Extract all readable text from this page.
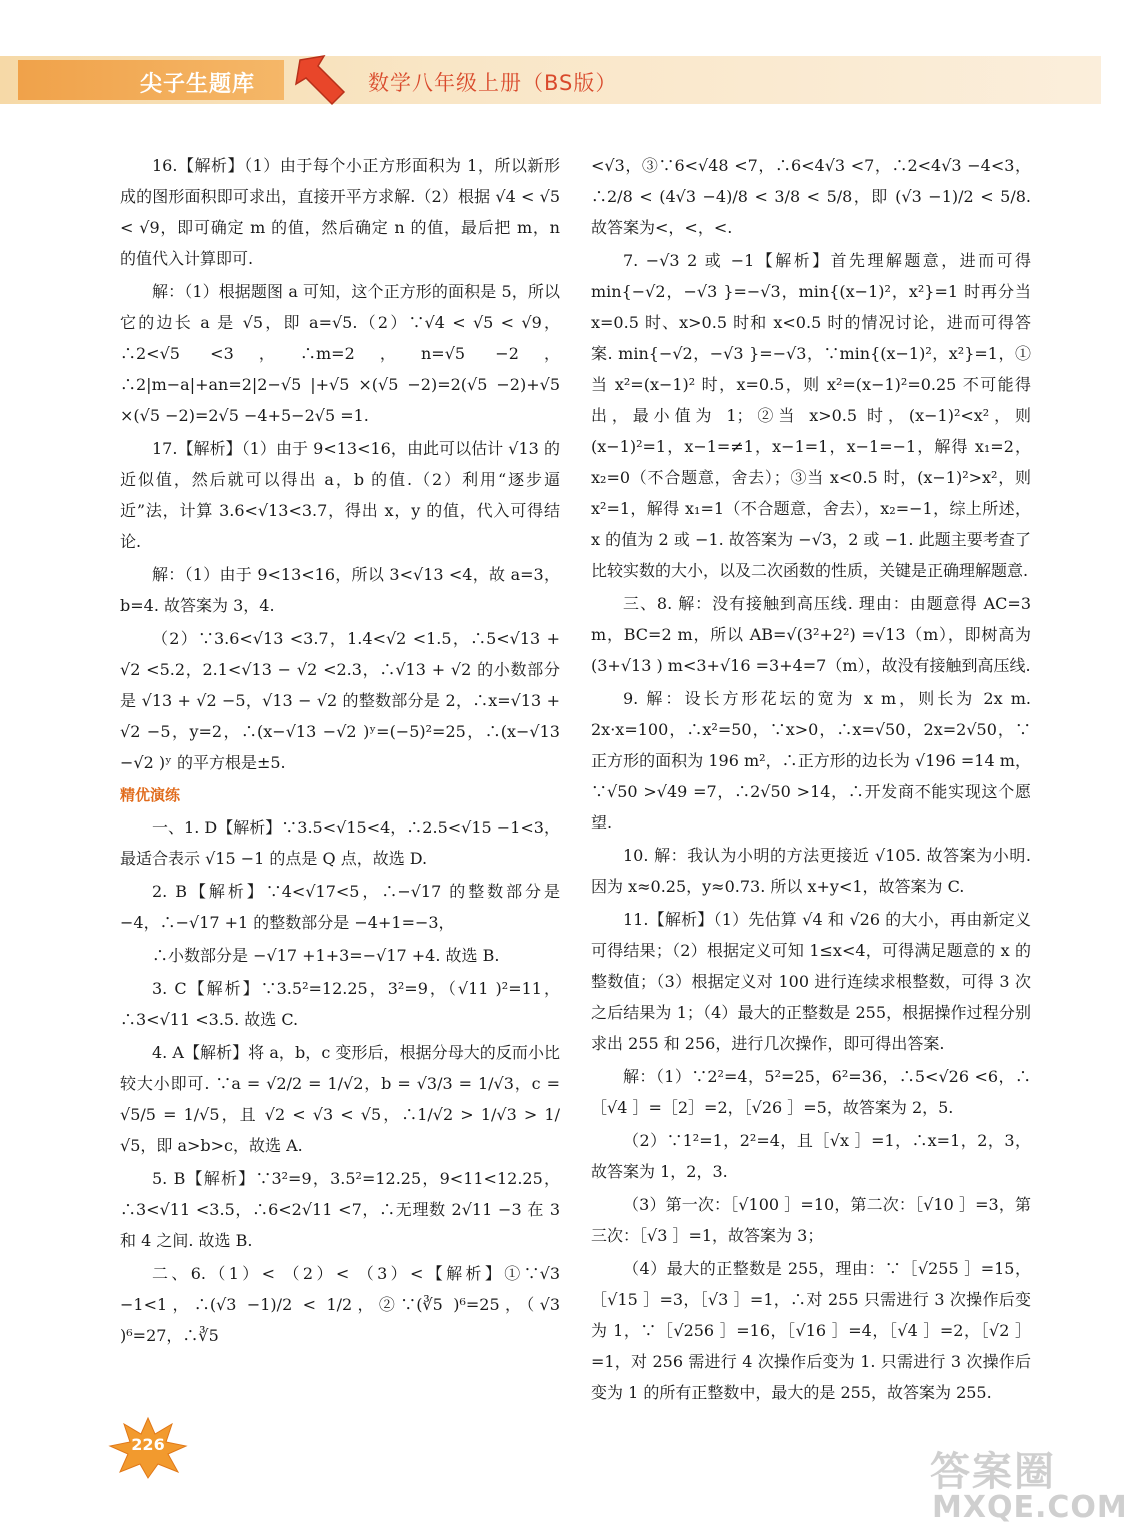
尖子生题库	数学八年级上册（BS版）

16.【解析】（1）由于每个小正方形面积为 1，所以新形成的图形面积即可求出，直接开平方求解.（2）根据 √4 < √5 < √9，即可确定 m 的值，然后确定 n 的值，最后把 m，n 的值代入计算即可.

解：（1）根据题图 a 可知，这个正方形的面积是 5，所以它的边长 a 是 √5，即 a=√5.（2）∵√4 < √5 < √9，∴2<√5 <3，∴m=2，n=√5 −2，∴2|m−a|+an=2|2−√5 |+√5 ×(√5 −2)=2(√5 −2)+√5 ×(√5 −2)=2√5 −4+5−2√5 =1.

17.【解析】（1）由于 9<13<16，由此可以估计 √13 的近似值，然后就可以得出 a，b 的值.（2）利用“逐步逼近”法，计算 3.6<√13<3.7，得出 x，y 的值，代入可得结论.

解：（1）由于 9<13<16，所以 3<√13 <4，故 a=3，b=4. 故答案为 3，4.

（2）∵3.6<√13 <3.7，1.4<√2 <1.5，∴5<√13 + √2 <5.2，2.1<√13 − √2 <2.3，∴√13 + √2 的小数部分是 √13 + √2 −5，√13 − √2 的整数部分是 2，∴x=√13 + √2 −5，y=2，∴(x−√13 −√2 )ʸ=(−5)²=25，∴(x−√13 −√2 )ʸ 的平方根是±5.

精优演练

一、1. D【解析】∵3.5<√15<4，∴2.5<√15 −1<3，最适合表示 √15 −1 的点是 Q 点，故选 D.

2. B【解析】∵4<√17<5，∴−√17 的整数部分是 −4，∴−√17 +1 的整数部分是 −4+1=−3，

∴小数部分是 −√17 +1+3=−√17 +4. 故选 B.

3. C【解析】∵3.5²=12.25，3²=9，（√11 )²=11，∴3<√11 <3.5. 故选 C.

4. A【解析】将 a，b，c 变形后，根据分母大的反而小比较大小即可. ∵a = √2/2 = 1/√2，b = √3/3 = 1/√3，c = √5/5 = 1/√5，且 √2 < √3 < √5，∴1/√2 > 1/√3 > 1/√5，即 a>b>c，故选 A.

5. B【解析】∵3²=9，3.5²=12.25，9<11<12.25，∴3<√11 <3.5，∴6<2√11 <7，∴无理数 2√11 −3 在 3 和 4 之间. 故选 B.

二、6.（1）< （2）< （3）<【解析】①∵√3 −1<1，∴(√3 −1)/2 < 1/2，②∵(∛5 )⁶=25，（√3 )⁶=27，∴∛5

<√3，③∵6<√48 <7，∴6<4√3 <7，∴2<4√3 −4<3，∴2/8 < (4√3 −4)/8 < 3/8 < 5/8，即 (√3 −1)/2 < 5/8. 故答案为<，<，<.

7. −√3 2 或 −1【解析】首先理解题意，进而可得 min{−√2，−√3 }=−√3，min{(x−1)²，x²}=1 时再分当 x=0.5 时、x>0.5 时和 x<0.5 时的情况讨论，进而可得答案. min{−√2，−√3 }=−√3，∵min{(x−1)²，x²}=1，①当 x²=(x−1)² 时，x=0.5，则 x²=(x−1)²=0.25 不可能得出，最小值为 1；②当 x>0.5 时，(x−1)²<x²，则 (x−1)²=1，x−1=≠1，x−1=1，x−1=−1，解得 x₁=2，x₂=0（不合题意，舍去）；③当 x<0.5 时，(x−1)²>x²，则 x²=1，解得 x₁=1（不合题意，舍去），x₂=−1，综上所述，x 的值为 2 或 −1. 故答案为 −√3，2 或 −1. 此题主要考查了比较实数的大小，以及二次函数的性质，关键是正确理解题意.

三、8. 解：没有接触到高压线. 理由：由题意得 AC=3 m，BC=2 m，所以 AB=√(3²+2²) =√13（m），即树高为 (3+√13 ) m<3+√16 =3+4=7（m），故没有接触到高压线.

9. 解：设长方形花坛的宽为 x m，则长为 2x m. 2x·x=100，∴x²=50，∵x>0，∴x=√50，2x=2√50，∵正方形的面积为 196 m²，∴正方形的边长为 √196 =14 m，∵√50 >√49 =7，∴2√50 >14，∴开发商不能实现这个愿望.

10. 解：我认为小明的方法更接近 √105. 故答案为小明. 因为 x≈0.25，y≈0.73. 所以 x+y<1，故答案为 C.

11.【解析】（1）先估算 √4 和 √26 的大小，再由新定义可得结果；（2）根据定义可知 1≤x<4，可得满足题意的 x 的整数值；（3）根据定义对 100 进行连续求根整数，可得 3 次之后结果为 1；（4）最大的正整数是 255，根据操作过程分别求出 255 和 256，进行几次操作，即可得出答案.

解：（1）∵2²=4，5²=25，6²=36，∴5<√26 <6，∴［√4 ］=［2］=2，［√26 ］=5，故答案为 2，5.

（2）∵1²=1，2²=4，且［√x ］=1，∴x=1，2，3，故答案为 1，2，3.

（3）第一次：［√100 ］=10，第二次：［√10 ］=3，第三次：［√3 ］=1，故答案为 3；

（4）最大的正整数是 255，理由：∵［√255 ］=15，［√15 ］=3，［√3 ］=1，∴对 255 只需进行 3 次操作后变为 1，∵［√256 ］=16，［√16 ］=4，［√4 ］=2，［√2 ］=1，对 256 需进行 4 次操作后变为 1. 只需进行 3 次操作后变为 1 的所有正整数中，最大的是 255，故答案为 255.

226
答案圈
MXQE.COM
